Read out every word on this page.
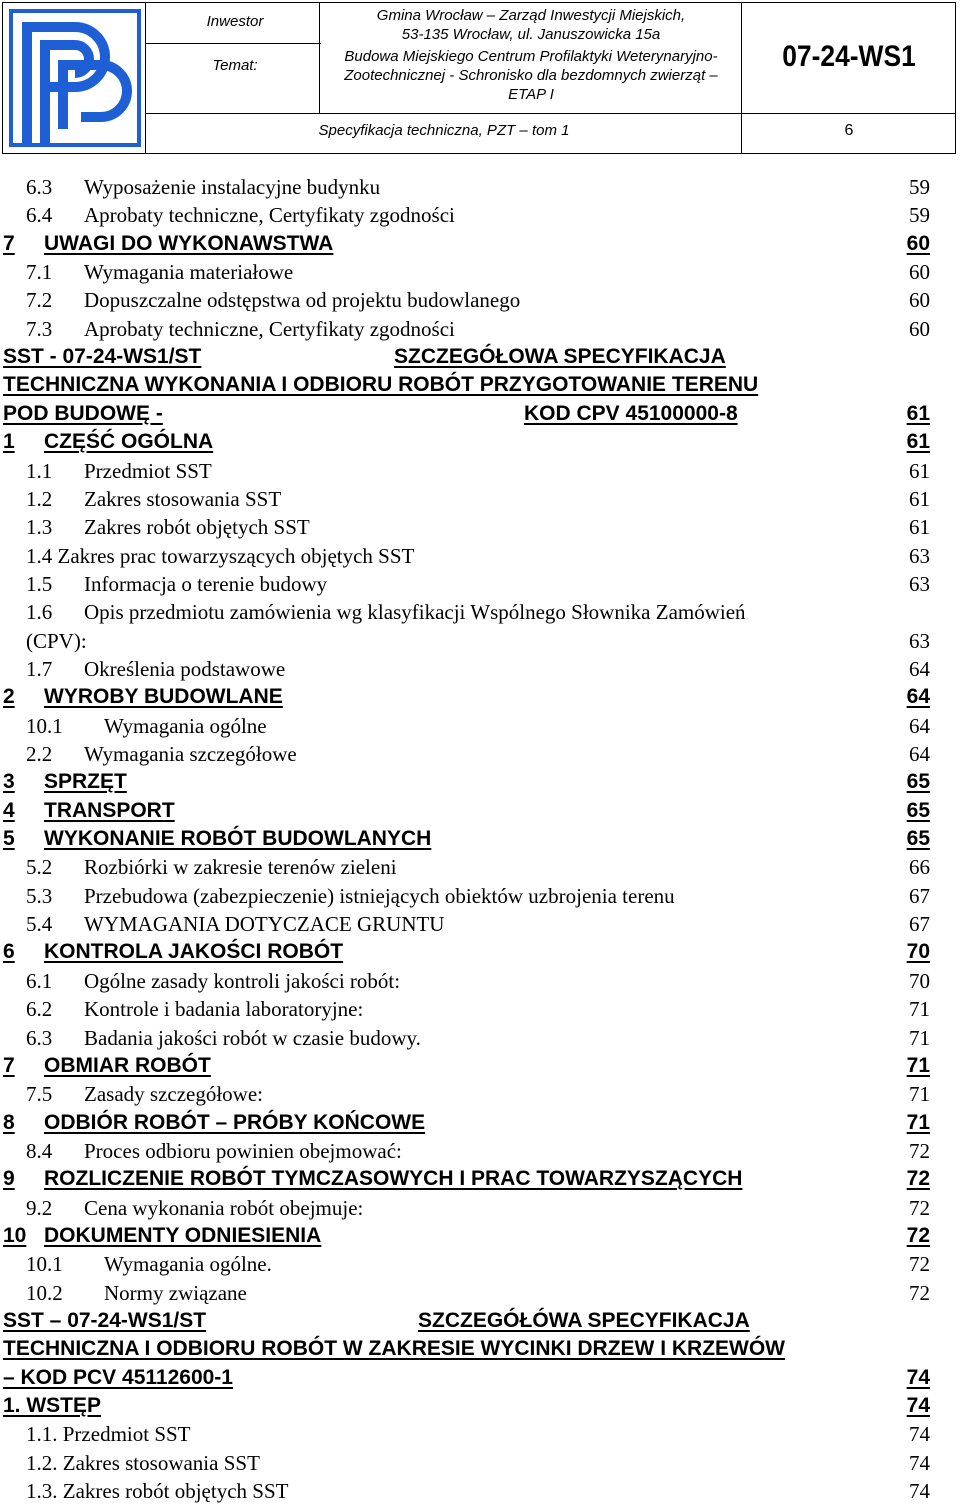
Inwestor
Temat:
Gmina Wrocław – Zarząd Inwestycji Miejskich,
53-135 Wrocław, ul. Januszowicka 15a
Budowa Miejskiego Centrum Profilaktyki Weterynaryjno-
Zootechnicznej - Schronisko dla bezdomnych zwierząt –
ETAP I
07-24-WS1
Specyfikacja techniczna, PZT – tom 1	6
6.3 Wyposażenie instalacyjne budynku	59
6.4 Aprobaty techniczne, Certyfikaty zgodności	59
7 UWAGI DO WYKONAWSTWA	60
7.1 Wymagania materiałowe	60
7.2 Dopuszczalne odstępstwa od projektu budowlanego	60
7.3 Aprobaty techniczne, Certyfikaty zgodności	60
SST - 07-24-WS1/ST	SZCZEGÓŁOWA SPECYFIKACJA
TECHNICZNA WYKONANIA I ODBIORU ROBÓT PRZYGOTOWANIE TERENU
POD BUDOWĘ -	KOD CPV 45100000-8	61
1 CZĘŚĆ OGÓLNA	61
1.1 Przedmiot SST	61
1.2 Zakres stosowania SST	61
1.3 Zakres robót objętych SST	61
1.4 Zakres prac towarzyszących objętych SST	63
1.5 Informacja o terenie budowy	63
1.6 Opis przedmiotu zamówienia wg klasyfikacji Wspólnego Słownika Zamówień
(CPV):	63
1.7 Określenia podstawowe	64
2 WYROBY BUDOWLANE	64
10.1 Wymagania ogólne	64
2.2 Wymagania szczegółowe	64
3 SPRZĘT	65
4 TRANSPORT	65
5 WYKONANIE ROBÓT BUDOWLANYCH	65
5.2 Rozbiórki w zakresie terenów zieleni	66
5.3 Przebudowa (zabezpieczenie) istniejących obiektów uzbrojenia terenu	67
5.4 WYMAGANIA DOTYCZACE GRUNTU	67
6 KONTROLA JAKOŚCI ROBÓT	70
6.1 Ogólne zasady kontroli jakości robót:	70
6.2 Kontrole i badania laboratoryjne:	71
6.3 Badania jakości robót w czasie budowy.	71
7 OBMIAR ROBÓT	71
7.5 Zasady szczegółowe:	71
8 ODBIÓR ROBÓT – PRÓBY KOŃCOWE	71
8.4 Proces odbioru powinien obejmować:	72
9 ROZLICZENIE ROBÓT TYMCZASOWYCH I PRAC TOWARZYSZĄCYCH	72
9.2 Cena wykonania robót obejmuje:	72
10 DOKUMENTY ODNIESIENIA	72
10.1 Wymagania ogólne.	72
10.2 Normy związane	72
SST – 07-24-WS1/ST	SZCZEGÓŁÓWA SPECYFIKACJA
TECHNICZNA I ODBIORU ROBÓT W ZAKRESIE WYCINKI DRZEW I KRZEWÓW
– KOD PCV 45112600-1	74
1. WSTĘP	74
1.1. Przedmiot SST	74
1.2. Zakres stosowania SST	74
1.3. Zakres robót objętych SST	74
